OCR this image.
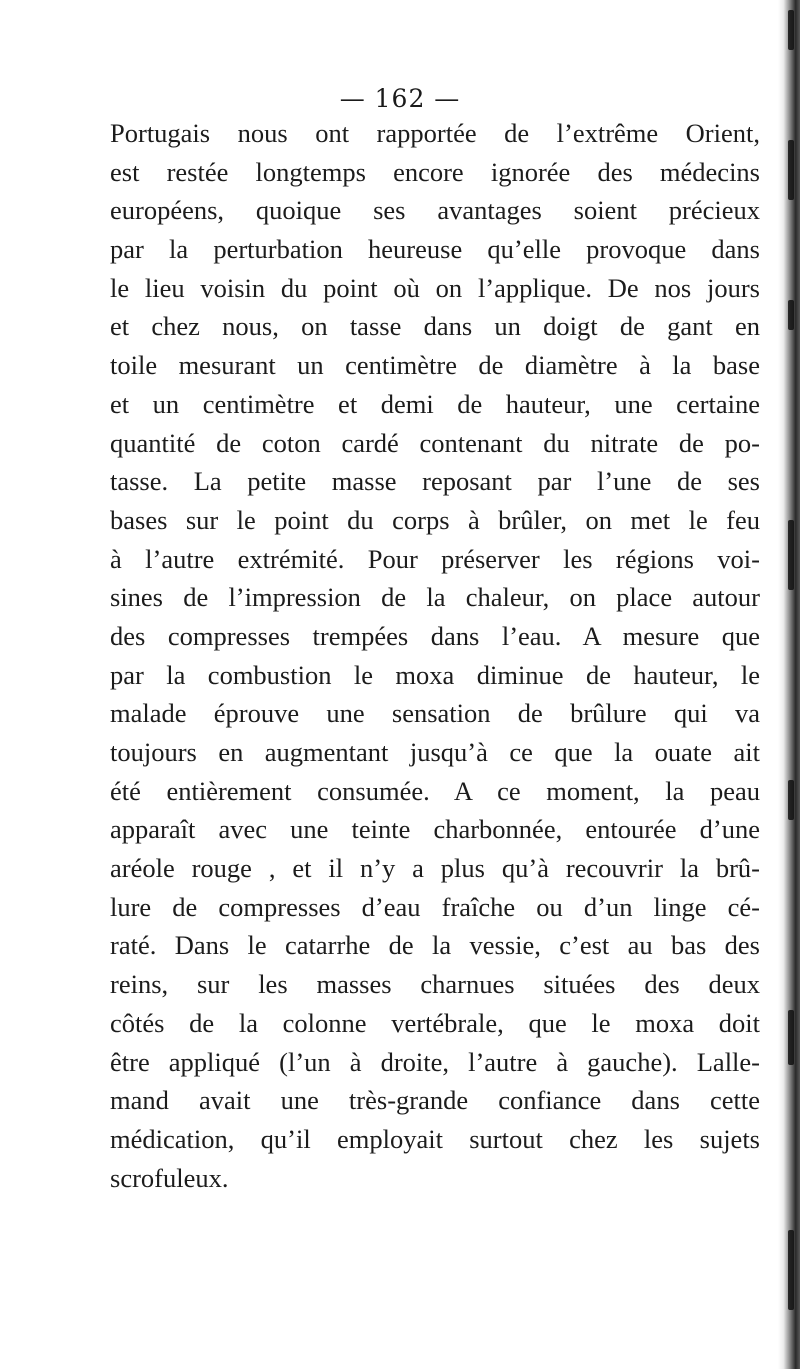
— 162 —
Portugais nous ont rapportée de l’extrême Orient,
est restée longtemps encore ignorée des médecins
européens, quoique ses avantages soient précieux
par la perturbation heureuse qu’elle provoque dans
le lieu voisin du point où on l’applique. De nos jours
et chez nous, on tasse dans un doigt de gant en
toile mesurant un centimètre de diamètre à la base
et un centimètre et demi de hauteur, une certaine
quantité de coton cardé contenant du nitrate de po-
tasse. La petite masse reposant par l’une de ses
bases sur le point du corps à brûler, on met le feu
à l’autre extrémité. Pour préserver les régions voi-
sines de l’impression de la chaleur, on place autour
des compresses trempées dans l’eau. A mesure que
par la combustion le moxa diminue de hauteur, le
malade éprouve une sensation de brûlure qui va
toujours en augmentant jusqu’à ce que la ouate ait
été entièrement consumée. A ce moment, la peau
apparaît avec une teinte charbonnée, entourée d’une
aréole rouge , et il n’y a plus qu’à recouvrir la brû-
lure de compresses d’eau fraîche ou d’un linge cé-
raté. Dans le catarrhe de la vessie, c’est au bas des
reins, sur les masses charnues situées des deux
côtés de la colonne vertébrale, que le moxa doit
être appliqué (l’un à droite, l’autre à gauche). Lalle-
mand avait une très-grande confiance dans cette
médication, qu’il employait surtout chez les sujets
scrofuleux.
